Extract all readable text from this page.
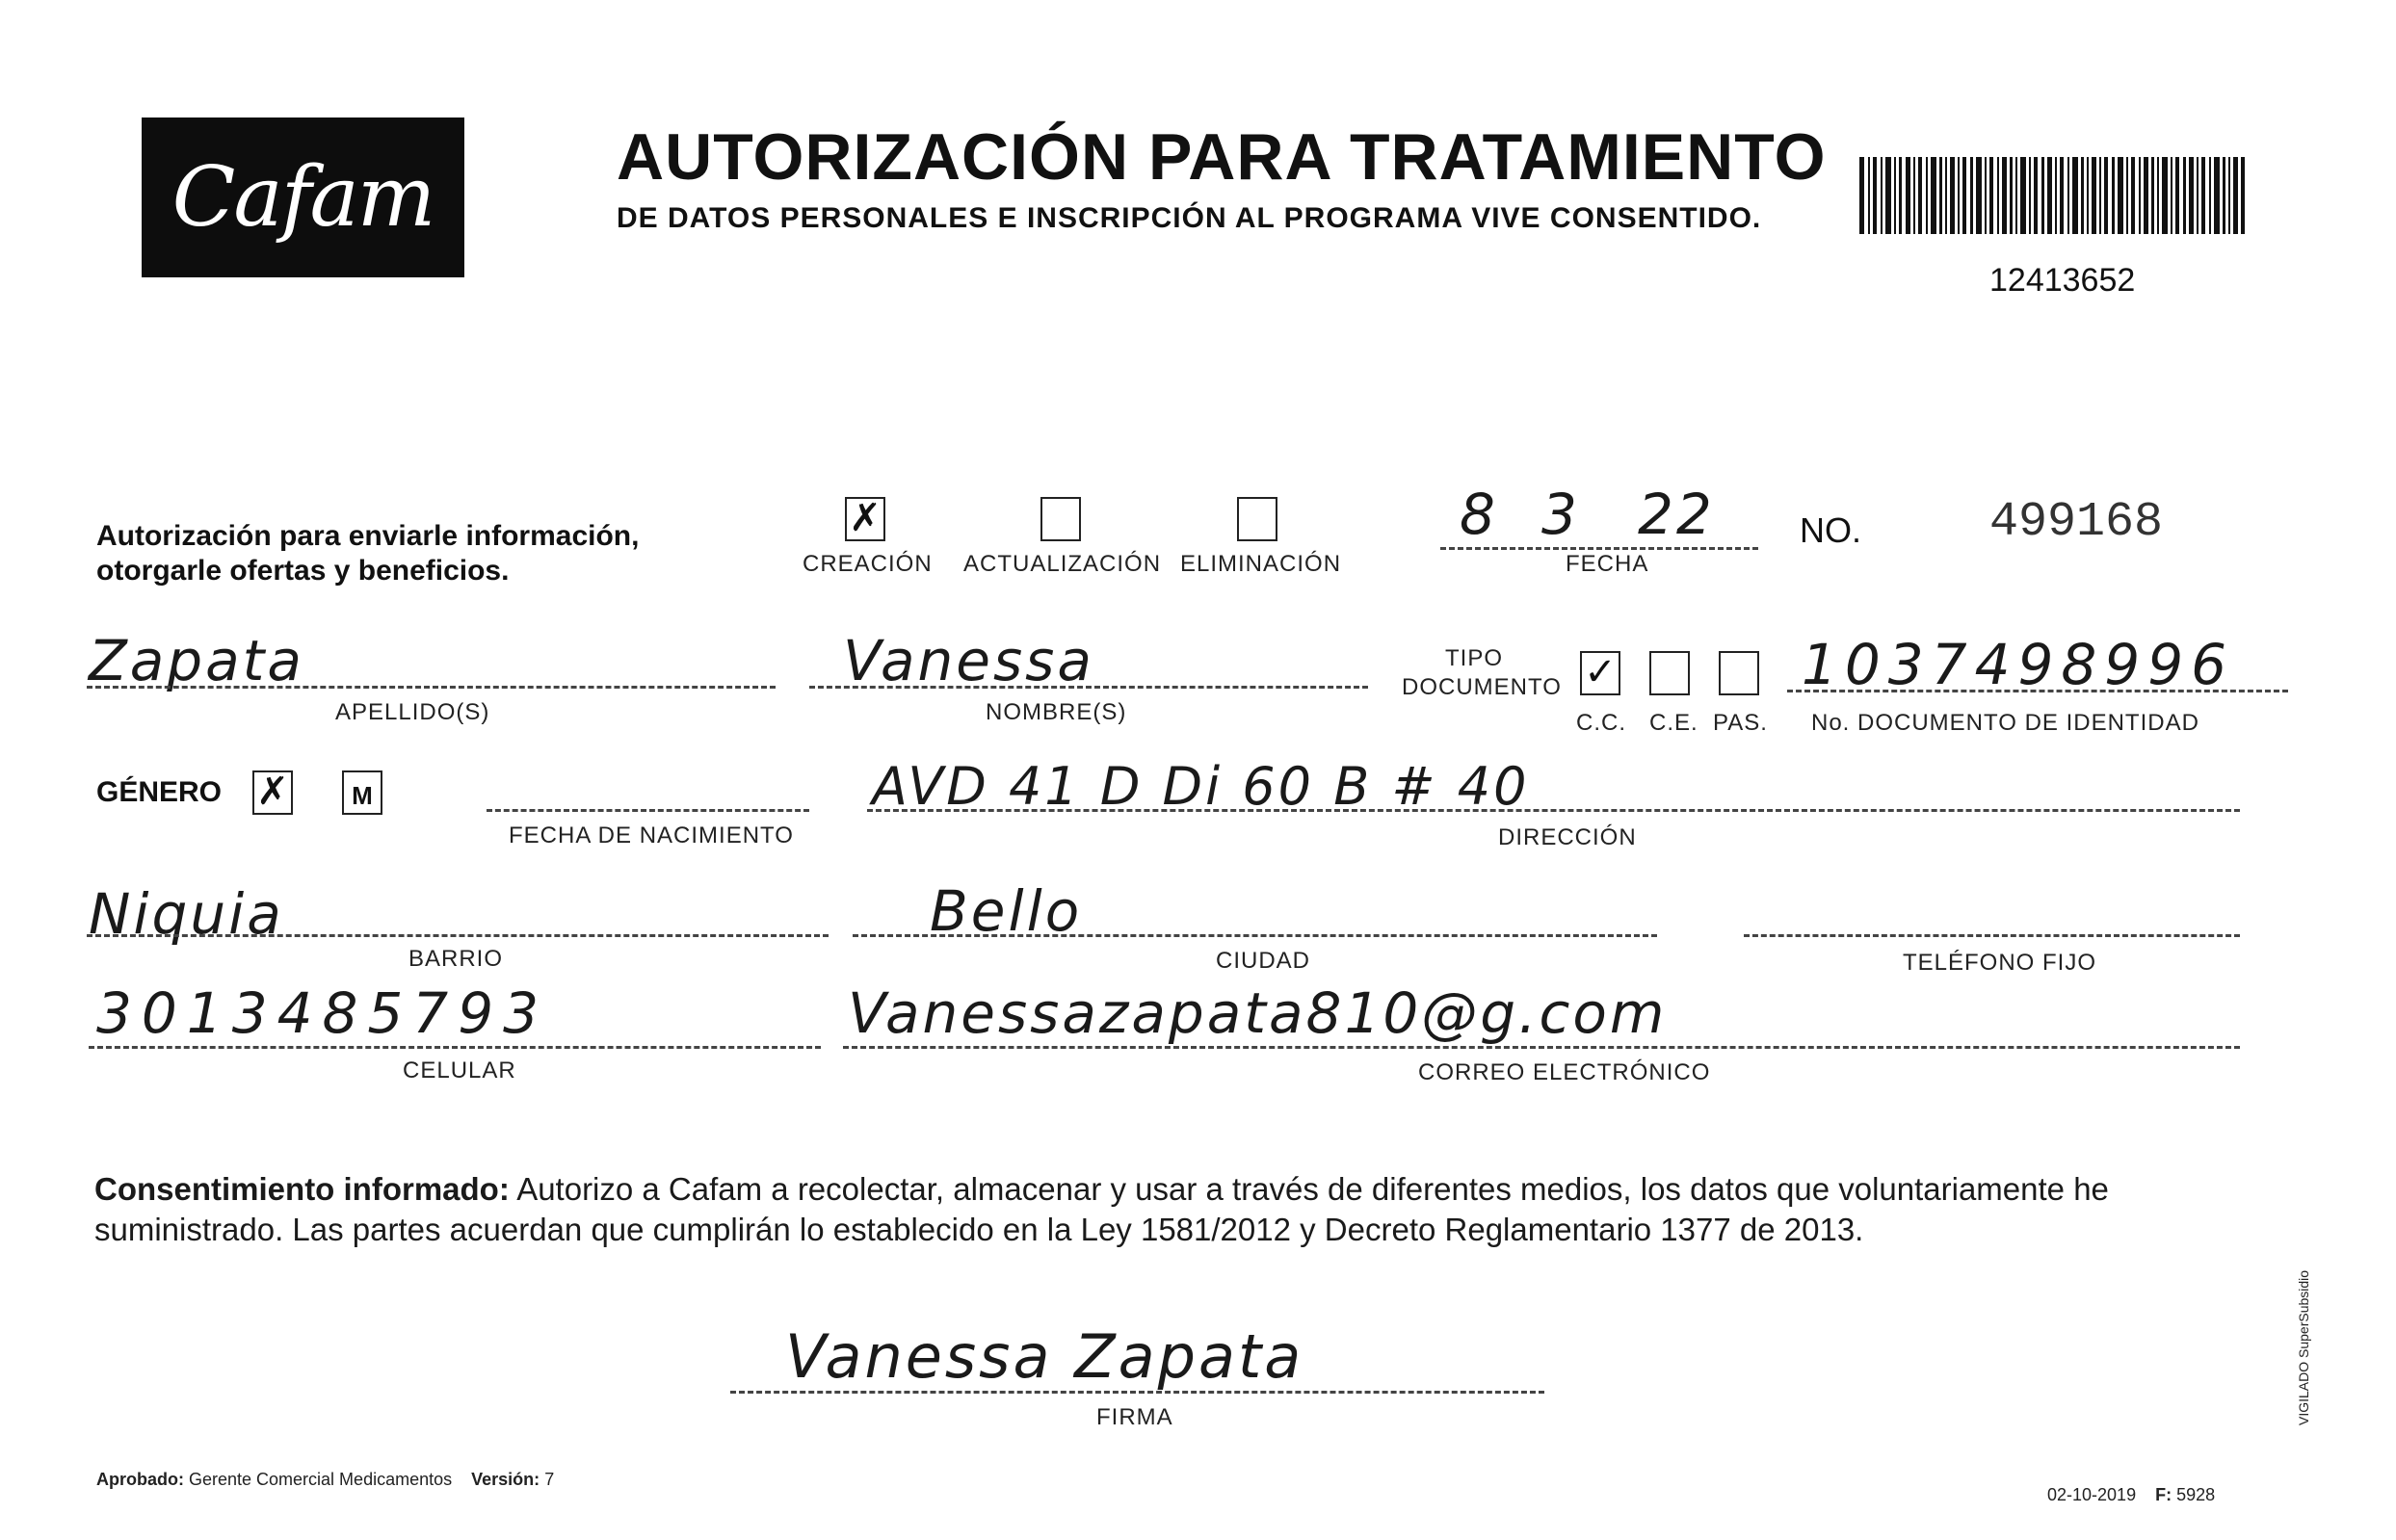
Cafam	AUTORIZACIÓN PARA TRATAMIENTO
DE DATOS PERSONALES E INSCRIPCIÓN AL PROGRAMA VIVE CONSENTIDO.
12413652
Autorización para enviarle información,
otorgarle ofertas y beneficios.
✗
CREACIÓN ACTUALIZACIÓN ELIMINACIÓN
8 3 22
FECHA
NO.	499168
Zapata
APELLIDO(S)
Vanessa
NOMBRE(S)
TIPO
DOCUMENTO ✓
C.C. C.E. PAS.
1037498996
No. DOCUMENTO DE IDENTIDAD
GÉNERO ✗	M
FECHA DE NACIMIENTO
AVD 41 D Di 60 B # 40
DIRECCIÓN
Niquia
BARRIO
Bello
CIUDAD	TELÉFONO FIJO
3013485793
CELULAR
Vanessazapata810@g.com
CORREO ELECTRÓNICO
Consentimiento informado: Autorizo a Cafam a recolectar, almacenar y usar a través de diferentes medios, los datos que voluntariamente he suministrado. Las partes acuerdan que cumplirán lo establecido en la Ley 1581/2012 y Decreto Reglamentario 1377 de 2013.
Vanessa Zapata
FIRMA
Aprobado: Gerente Comercial Medicamentos Versión: 7
02-10-2019 F: 5928
VIGILADO SuperSubsidio
